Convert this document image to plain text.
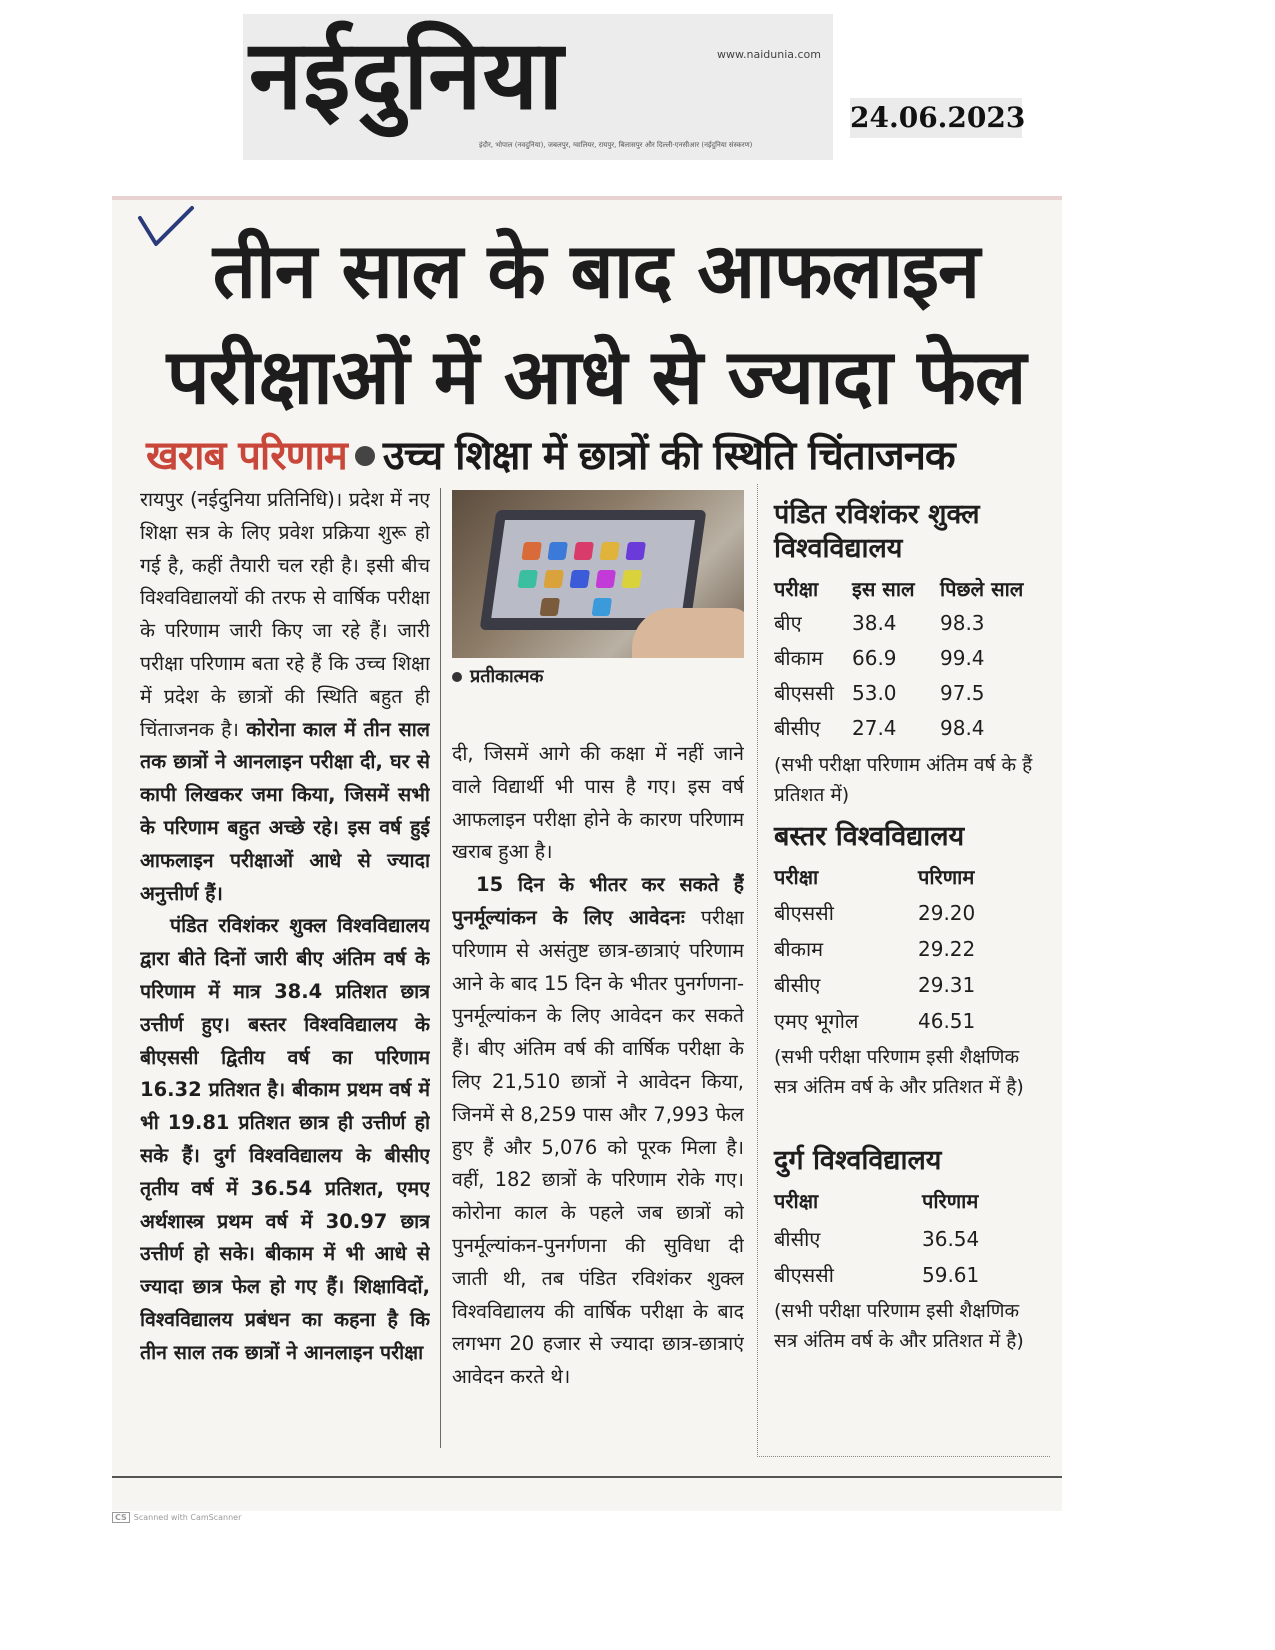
नईदुनिया	www.naidunia.com
इंदौर, भोपाल (नवदुनिया), जबलपुर, ग्वालियर, रायपुर, बिलासपुर और दिल्ली-एनसीआर (नईदुनिया संस्करण)
24.06.2023
तीन साल के बाद आफलाइन
परीक्षाओं में आधे से ज्यादा फेल
खराब परिणाम उच्च शिक्षा में छात्रों की स्थिति चिंताजनक

रायपुर (नईदुनिया प्रतिनिधि)। प्रदेश में नए शिक्षा सत्र के लिए प्रवेश प्रक्रिया शुरू हो गई है, कहीं तैयारी चल रही है। इसी बीच विश्वविद्यालयों की तरफ से वार्षिक परीक्षा के परिणाम जारी किए जा रहे हैं। जारी परीक्षा परिणाम बता रहे हैं कि उच्च शिक्षा में प्रदेश के छात्रों की स्थिति बहुत ही चिंताजनक है। कोरोना काल में तीन साल तक छात्रों ने आनलाइन परीक्षा दी, घर से कापी लिखकर जमा किया, जिसमें सभी के परिणाम बहुत अच्छे रहे। इस वर्ष हुई आफलाइन परीक्षाओं आधे से ज्यादा अनुत्तीर्ण हैं।

पंडित रविशंकर शुक्ल विश्वविद्यालय द्वारा बीते दिनों जारी बीए अंतिम वर्ष के परिणाम में मात्र 38.4 प्रतिशत छात्र उत्तीर्ण हुए। बस्तर विश्वविद्यालय के बीएससी द्वितीय वर्ष का परिणाम 16.32 प्रतिशत है। बीकाम प्रथम वर्ष में भी 19.81 प्रतिशत छात्र ही उत्तीर्ण हो सके हैं। दुर्ग विश्वविद्यालय के बीसीए तृतीय वर्ष में 36.54 प्रतिशत, एमए अर्थशास्त्र प्रथम वर्ष में 30.97 छात्र उत्तीर्ण हो सके। बीकाम में भी आधे से ज्यादा छात्र फेल हो गए हैं। शिक्षाविदों, विश्वविद्यालय प्रबंधन का कहना है कि तीन साल तक छात्रों ने आनलाइन परीक्षा

प्रतीकात्मक

दी, जिसमें आगे की कक्षा में नहीं जाने वाले विद्यार्थी भी पास है गए। इस वर्ष आफलाइन परीक्षा होने के कारण परिणाम खराब हुआ है।

15 दिन के भीतर कर सकते हैं पुनर्मूल्यांकन के लिए आवेदनः परीक्षा परिणाम से असंतुष्ट छात्र-छात्राएं परिणाम आने के बाद 15 दिन के भीतर पुनर्गणना-पुनर्मूल्यांकन के लिए आवेदन कर सकते हैं। बीए अंतिम वर्ष की वार्षिक परीक्षा के लिए 21,510 छात्रों ने आवेदन किया, जिनमें से 8,259 पास और 7,993 फेल हुए हैं और 5,076 को पूरक मिला है। वहीं, 182 छात्रों के परिणाम रोके गए। कोरोना काल के पहले जब छात्रों को पुनर्मूल्यांकन-पुनर्गणना की सुविधा दी जाती थी, तब पंडित रविशंकर शुक्ल विश्वविद्यालय की वार्षिक परीक्षा के बाद लगभग 20 हजार से ज्यादा छात्र-छात्राएं आवेदन करते थे।

पंडित रविशंकर शुक्ल
विश्वविद्यालय
परीक्षा इस साल पिछले साल
बीए	38.4 98.3
बीकाम 66.9 99.4
बीएससी 53.0 97.5
बीसीए 27.4 98.4
(सभी परीक्षा परिणाम अंतिम वर्ष के हैं प्रतिशत में)
बस्तर विश्वविद्यालय
परीक्षा	परिणाम
बीएससी	29.20
बीकाम	29.22
बीसीए	29.31
एमए भूगोल	46.51
(सभी परीक्षा परिणाम इसी शैक्षणिक सत्र अंतिम वर्ष के और प्रतिशत में है)
दुर्ग विश्वविद्यालय
परीक्षा	परिणाम
बीसीए	36.54
बीएससी	59.61
(सभी परीक्षा परिणाम इसी शैक्षणिक सत्र अंतिम वर्ष के और प्रतिशत में है)
CS Scanned with CamScanner
